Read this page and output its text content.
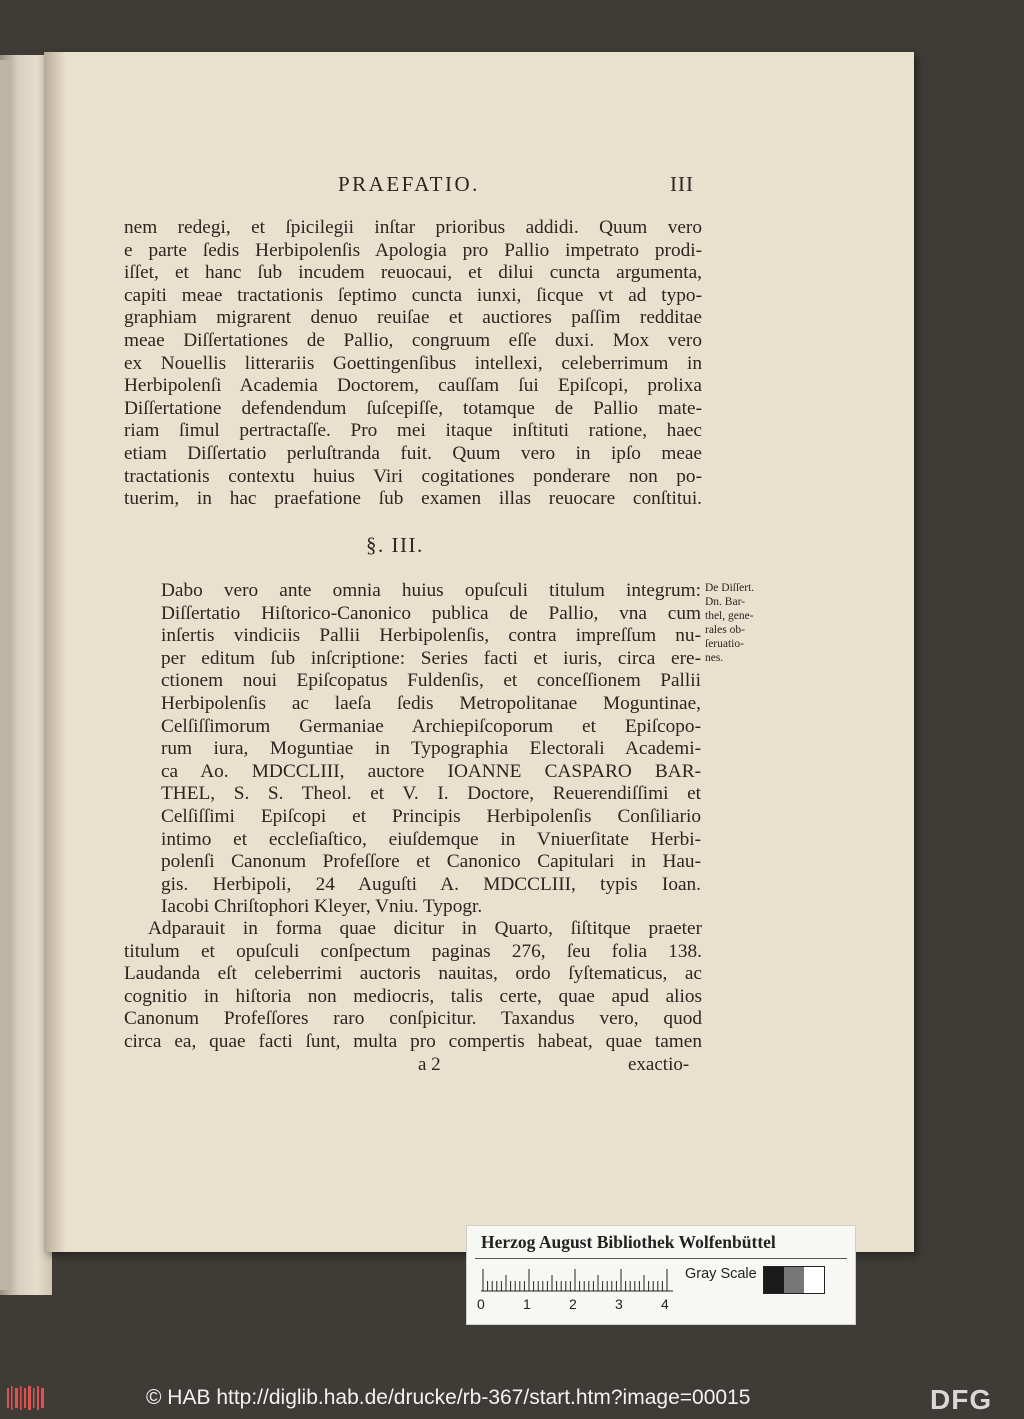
PRAEFATIO.	III
nem redegi, et ſpicilegii inſtar prioribus addidi. Quum vero
e parte ſedis Herbipolenſis Apologia pro Pallio impetrato prodi-
iſſet, et hanc ſub incudem reuocaui, et dilui cuncta argumenta,
capiti meae tractationis ſeptimo cuncta iunxi, ſicque vt ad typo-
graphiam migrarent denuo reuiſae et auctiores paſſim redditae
meae Diſſertationes de Pallio, congruum eſſe duxi. Mox vero
ex Nouellis litterariis Goettingenſibus intellexi, celeberrimum in
Herbipolenſi Academia Doctorem, cauſſam ſui Epiſcopi, prolixa
Diſſertatione defendendum ſuſcepiſſe, totamque de Pallio mate-
riam ſimul pertractaſſe. Pro mei itaque inſtituti ratione, haec
etiam Diſſertatio perluſtranda fuit. Quum vero in ipſo meae
tractationis contextu huius Viri cogitationes ponderare non po-
tuerim, in hac praefatione ſub examen illas reuocare conſtitui.
§. III.
Dabo vero ante omnia huius opuſculi titulum integrum:
Diſſertatio Hiſtorico-Canonico publica de Pallio, vna cum
inſertis vindiciis Pallii Herbipolenſis, contra impreſſum nu-
per editum ſub inſcriptione: Series facti et iuris, circa ere-
ctionem noui Epiſcopatus Fuldenſis, et conceſſionem Pallii
Herbipolenſis ac laeſa ſedis Metropolitanae Moguntinae,
Celſiſſimorum Germaniae Archiepiſcoporum et Epiſcopo-
rum iura, Moguntiae in Typographia Electorali Academi-
ca Ao. MDCCLIII, auctore IOANNE CASPARO BAR-
THEL, S. S. Theol. et V. I. Doctore, Reuerendiſſimi et
Celſiſſimi Epiſcopi et Principis Herbipolenſis Conſiliario
intimo et eccleſiaſtico, eiuſdemque in Vniuerſitate Herbi-
polenſi Canonum Profeſſore et Canonico Capitulari in Hau-
gis. Herbipoli, 24 Auguſti A. MDCCLIII, typis Ioan.
Iacobi Chriſtophori Kleyer, Vniu. Typogr.
De Diſſert.
Dn. Bar-
thel, gene-
rales ob-
ſeruatio-
nes.
Adparauit in forma quae dicitur in Quarto, ſiſtitque praeter
titulum et opuſculi conſpectum paginas 276, ſeu folia 138.
Laudanda eſt celeberrimi auctoris nauitas, ordo ſyſtematicus, ac
cognitio in hiſtoria non mediocris, talis certe, quae apud alios
Canonum Profeſſores raro conſpicitur. Taxandus vero, quod
circa ea, quae facti ſunt, multa pro compertis habeat, quae tamen
a 2	exactio-
Herzog August Bibliothek Wolfenbüttel
0	1	2	3	4
Gray Scale
© HAB http://diglib.hab.de/drucke/rb-367/start.htm?image=00015	DFG
